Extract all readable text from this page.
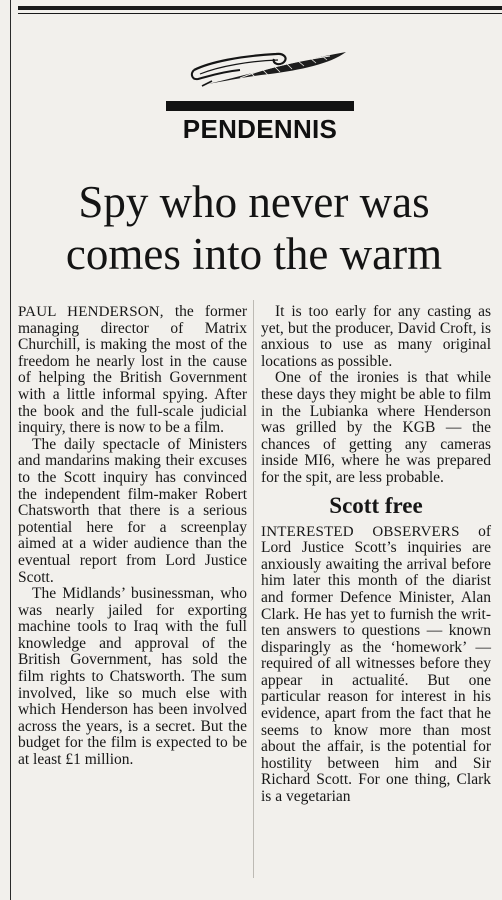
PENDENNIS
Spy who never was
comes into the warm

PAUL HENDERSON, the former managing director of Matrix Churchill, is making the most of the freedom he nearly lost in the cause of helping the British Government with a little informal spying. After the book and the full-scale judicial inquiry, there is now to be a film.

The daily spectacle of Ministers and mandarins making their excuses to the Scott inquiry has convinced the independent film-maker Robert Chatsworth that there is a serious potential here for a screenplay aimed at a wider audience than the eventual report from Lord Justice Scott.

The Midlands’ businessman, who was nearly jailed for exporting machine tools to Iraq with the full knowledge and approval of the British Government, has sold the film rights to Chatsworth. The sum involved, like so much else with which Henderson has been involved across the years, is a secret. But the budget for the film is expected to be at least £1 million.

It is too early for any casting as yet, but the producer, David Croft, is anxious to use as many original locations as possible.

One of the ironies is that while these days they might be able to film in the Lubianka where Henderson was grilled by the KGB — the chances of getting any cameras inside MI6, where he was prepared for the spit, are less probable.

Scott free

INTERESTED OBSERVERS of Lord Justice Scott’s inquiries are anxiously awaiting the arrival before him later this month of the diarist and former Defence Minister, Alan Clark. He has yet to furnish the written answers to questions — known disparingly as the ‘homework’ — required of all witnesses before they appear in actualité. But one particular reason for interest in his evidence, apart from the fact that he seems to know more than most about the affair, is the potential for hostility between him and Sir Richard Scott. For one thing, Clark is a vegetarian
